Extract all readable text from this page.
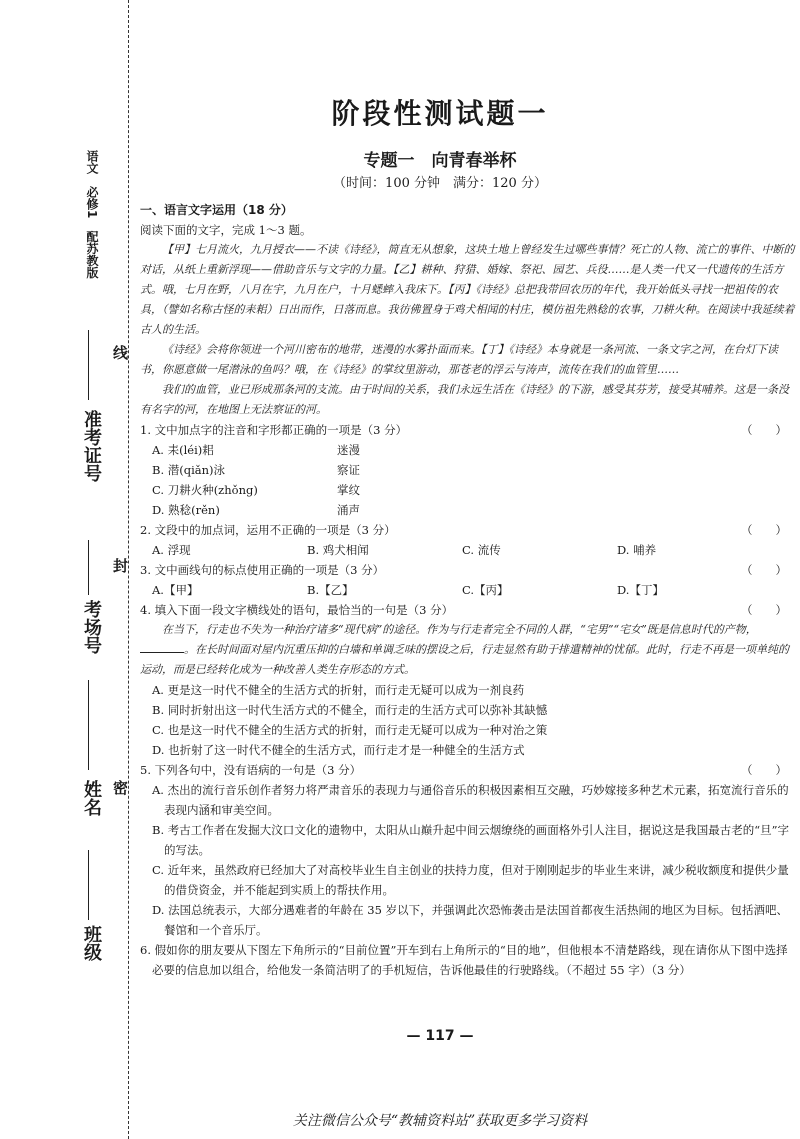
语文　必修1　配苏教版
准考证号
考场号
姓名
班级
线
封
密
阶段性测试题一
专题一　向青春举杯
（时间：100 分钟　满分：120 分）
一、语言文字运用（18 分）
阅读下面的文字，完成 1～3 题。

【甲】七月流火，九月授衣——不读《诗经》，简直无从想象，这块土地上曾经发生过哪些事情？死亡的人物、流亡的事件、中断的对话，从纸上重新浮现——借助音乐与文字的力量。【乙】耕种、狩猎、婚嫁、祭祀、园艺、兵役……是人类一代又一代遗传的生活方式。哦，七月在野，八月在宇，九月在户，十月蟋蟀入我床下。【丙】《诗经》总把我带回农历的年代，我开始低头寻找一把祖传的农具，（譬如名称古怪的耒耜）日出而作，日落而息。我彷佛置身于鸡犬相闻的村庄，模仿祖先熟稔的农事，刀耕火种。在阅读中我延续着古人的生活。

《诗经》会将你领进一个河川密布的地带，迷漫的水雾扑面而来。【丁】《诗经》本身就是一条河流、一条文字之河，在台灯下读书，你愿意做一尾潜泳的鱼吗？哦，在《诗经》的掌纹里游动，那苍老的浮云与涛声，流传在我们的血管里……

我们的血管，业已形成那条河的支流。由于时间的关系，我们永远生活在《诗经》的下游，感受其芬芳，接受其哺养。这是一条没有名字的河，在地图上无法察证的河。

1. 文中加点字的注音和字形都正确的一项是（3 分）	（　　）
A. 耒(léi)耜	迷漫
B. 潜(qiǎn)泳	察证
C. 刀耕火种(zhǒng)	掌纹
D. 熟稔(rěn)	涌声
2. 文段中的加点词，运用不正确的一项是（3 分）	（　　）
A. 浮现	B. 鸡犬相闻	C. 流传	D. 哺养
3. 文中画线句的标点使用正确的一项是（3 分）	（　　）
A.【甲】	B.【乙】	C.【丙】	D.【丁】
4. 填入下面一段文字横线处的语句，最恰当的一句是（3 分）	（　　）

在当下，行走也不失为一种治疗诸多“现代病”的途径。作为与行走者完全不同的人群，“宅男”“宅女”既是信息时代的产物，。在长时间面对屋内沉重压抑的白墙和单调乏味的摆设之后，行走显然有助于排遣精神的忧郁。此时，行走不再是一项单纯的运动，而是已经转化成为一种改善人类生存形态的方式。

A. 更是这一时代不健全的生活方式的折射，而行走无疑可以成为一剂良药
B. 同时折射出这一时代生活方式的不健全，而行走的生活方式可以弥补其缺憾
C. 也是这一时代不健全的生活方式的折射，而行走无疑可以成为一种对治之策
D. 也折射了这一时代不健全的生活方式，而行走才是一种健全的生活方式
5. 下列各句中，没有语病的一句是（3 分）	（　　）
A. 杰出的流行音乐创作者努力将严肃音乐的表现力与通俗音乐的积极因素相互交融，巧妙嫁接多种艺术元素，拓宽流行音乐的表现内涵和审美空间。
B. 考古工作者在发掘大汶口文化的遗物中，太阳从山巅升起中间云烟缭绕的画面格外引人注目，据说这是我国最古老的“旦”字的写法。
C. 近年来，虽然政府已经加大了对高校毕业生自主创业的扶持力度，但对于刚刚起步的毕业生来讲，减少税收额度和提供少量的借贷资金，并不能起到实质上的帮扶作用。
D. 法国总统表示，大部分遇难者的年龄在 35 岁以下，并强调此次恐怖袭击是法国首都夜生活热闹的地区为目标。包括酒吧、餐馆和一个音乐厅。
6. 假如你的朋友要从下图左下角所示的“目前位置”开车到右上角所示的“目的地”，但他根本不清楚路线，现在请你从下图中选择必要的信息加以组合，给他发一条简洁明了的手机短信，告诉他最佳的行驶路线。（不超过 55 字）（3 分）
— 117 —
关注微信公众号“教辅资料站”获取更多学习资料
